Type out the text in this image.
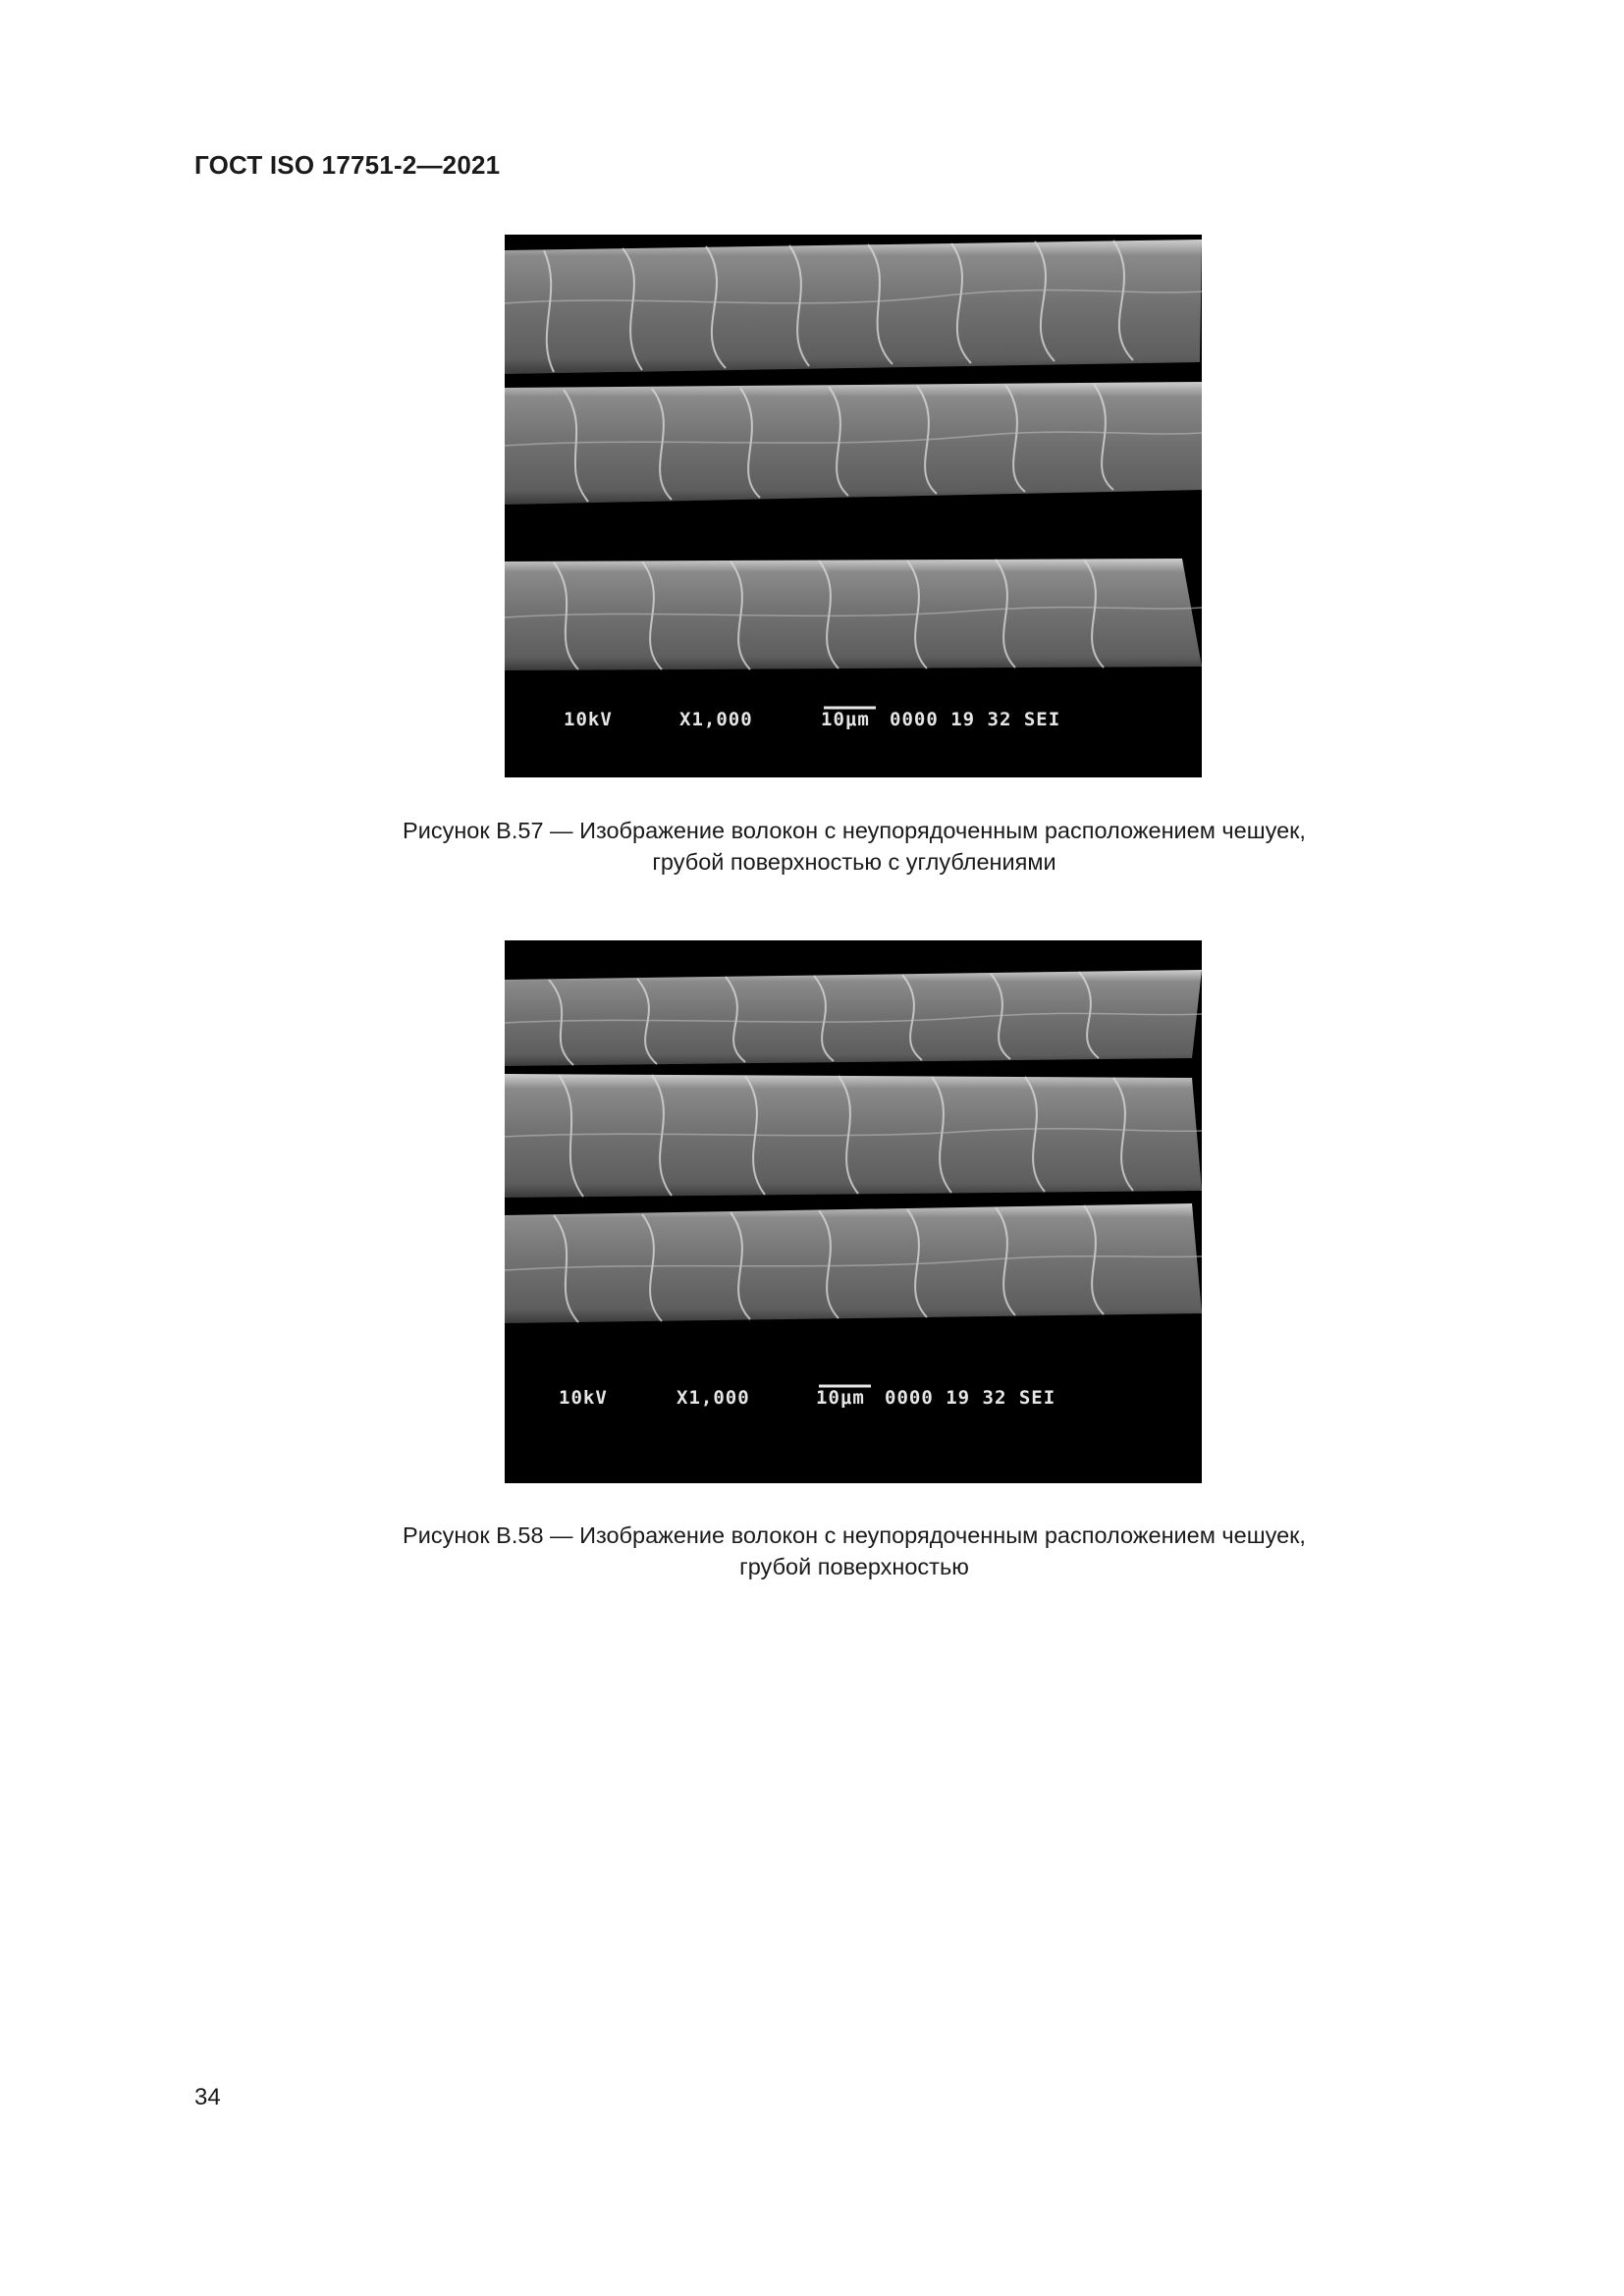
ГОСТ ISO 17751-2—2021
10kV	X1,000	10μm 0000 19 32 SEI
Рисунок B.57 — Изображение волокон с неупорядоченным расположением чешуек,
грубой поверхностью с углублениями
10kV	X1,000	10μm 0000 19 32 SEI
Рисунок B.58 — Изображение волокон с неупорядоченным расположением чешуек,
грубой поверхностью
34
